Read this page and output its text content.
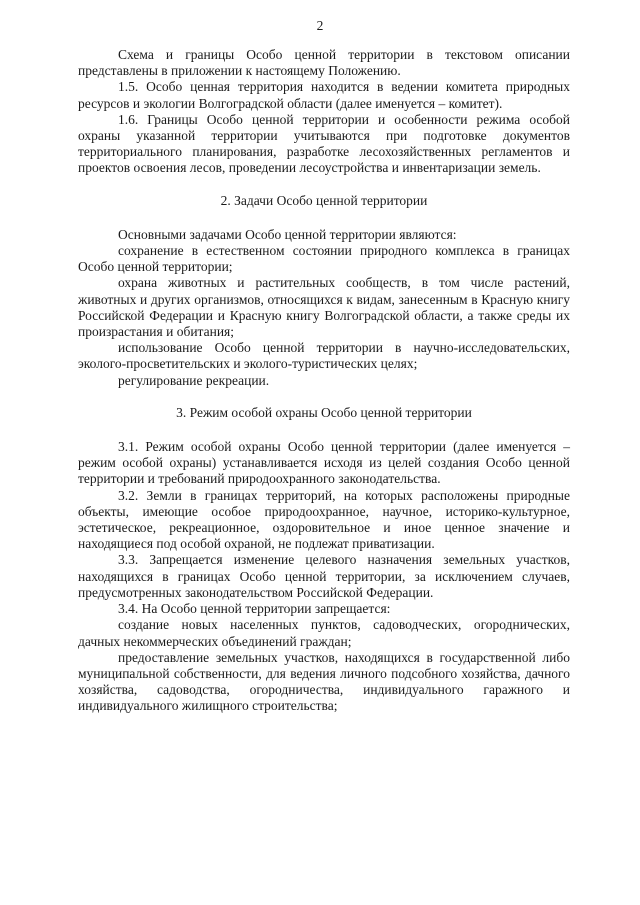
2

Схема и границы Особо ценной территории в текстовом описании представлены в приложении к настоящему Положению.

1.5. Особо ценная территория находится в ведении комитета природных ресурсов и экологии Волгоградской области (далее именуется – комитет).

1.6. Границы Особо ценной территории и особенности режима особой охраны указанной территории учитываются при подготовке документов территориального планирования, разработке лесохозяйственных регламентов и проектов освоения лесов, проведении лесоустройства и инвентаризации земель.

2. Задачи Особо ценной территории

Основными задачами Особо ценной территории являются:

сохранение в естественном состоянии природного комплекса в границах Особо ценной территории;

охрана животных и растительных сообществ, в том числе растений, животных и других организмов, относящихся к видам, занесенным в Красную книгу Российской Федерации и Красную книгу Волгоградской области, а также среды их произрастания и обитания;

использование Особо ценной территории в научно-исследовательских, эколого-просветительских и эколого-туристических целях;

регулирование рекреации.

3. Режим особой охраны Особо ценной территории

3.1. Режим особой охраны Особо ценной территории (далее именуется – режим особой охраны) устанавливается исходя из целей создания Особо ценной территории и требований природоохранного законодательства.

3.2. Земли в границах территорий, на которых расположены природные объекты, имеющие особое природоохранное, научное, историко-культурное, эстетическое, рекреационное, оздоровительное и иное ценное значение и находящиеся под особой охраной, не подлежат приватизации.

3.3. Запрещается изменение целевого назначения земельных участков, находящихся в границах Особо ценной территории, за исключением случаев, предусмотренных законодательством Российской Федерации.

3.4. На Особо ценной территории запрещается:

создание новых населенных пунктов, садоводческих, огороднических, дачных некоммерческих объединений граждан;

предоставление земельных участков, находящихся в государственной либо муниципальной собственности, для ведения личного подсобного хозяйства, дачного хозяйства, садоводства, огородничества, индивидуального гаражного и индивидуального жилищного строительства;
